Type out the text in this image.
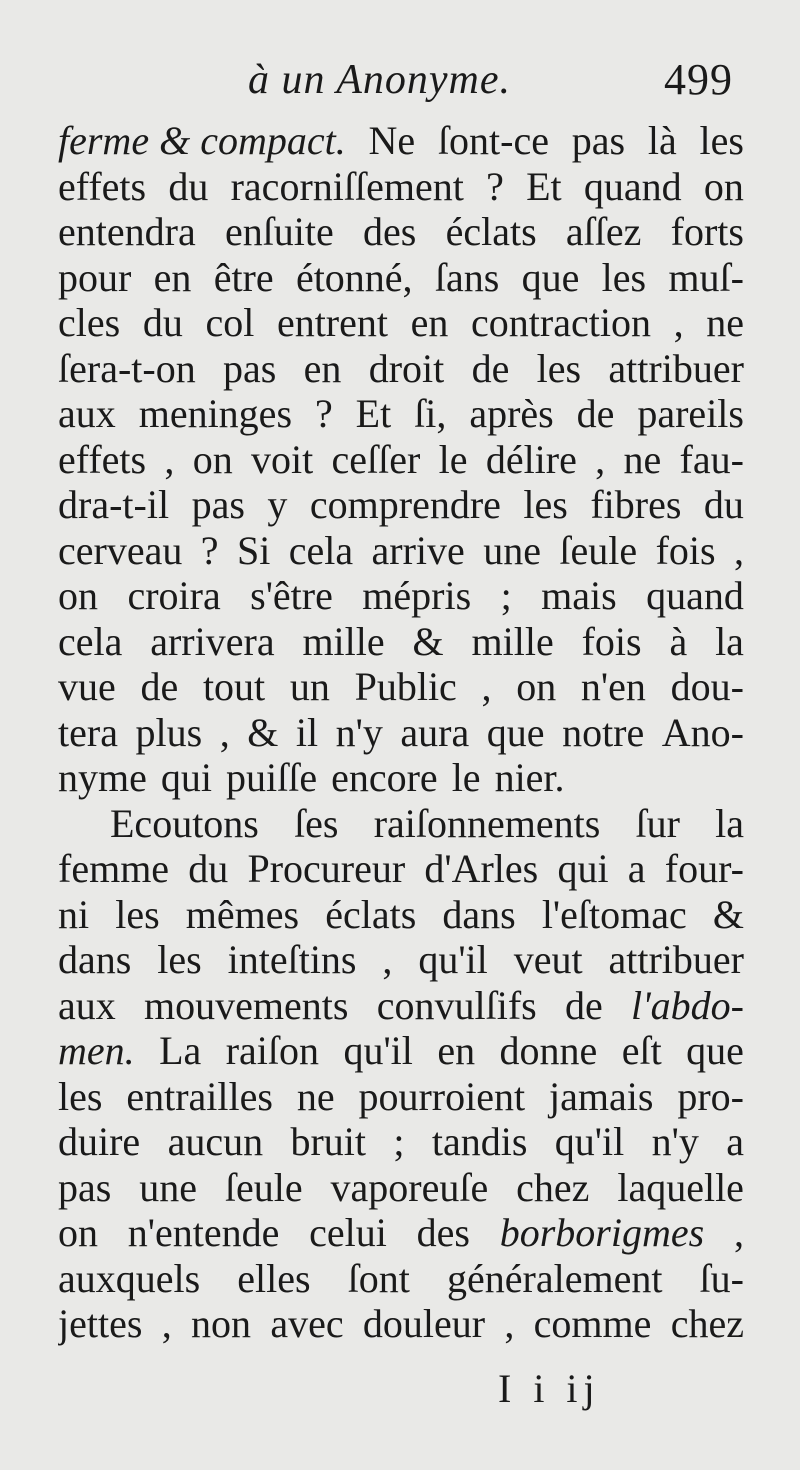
à un Anonyme.	499
ferme & compact. Ne ſont-ce pas là les
effets du racorniſſement ? Et quand on
entendra enſuite des éclats aſſez forts
pour en être étonné, ſans que les muſ-
cles du col entrent en contraction , ne
ſera-t-on pas en droit de les attribuer
aux meninges ? Et ſi, après de pareils
effets , on voit ceſſer le délire , ne fau-
dra-t-il pas y comprendre les fibres du
cerveau ? Si cela arrive une ſeule fois ,
on croira s'être mépris ; mais quand
cela arrivera mille & mille fois à la
vue de tout un Public , on n'en dou-
tera plus , & il n'y aura que notre Ano-
nyme qui puiſſe encore le nier.
Ecoutons ſes raiſonnements ſur la
femme du Procureur d'Arles qui a four-
ni les mêmes éclats dans l'eſtomac &
dans les inteſtins , qu'il veut attribuer
aux mouvements convulſifs de l'abdo-
men. La raiſon qu'il en donne eſt que
les entrailles ne pourroient jamais pro-
duire aucun bruit ; tandis qu'il n'y a
pas une ſeule vaporeuſe chez laquelle
on n'entende celui des borborigmes ,
auxquels elles ſont généralement ſu-
jettes , non avec douleur , comme chez
I i ij
